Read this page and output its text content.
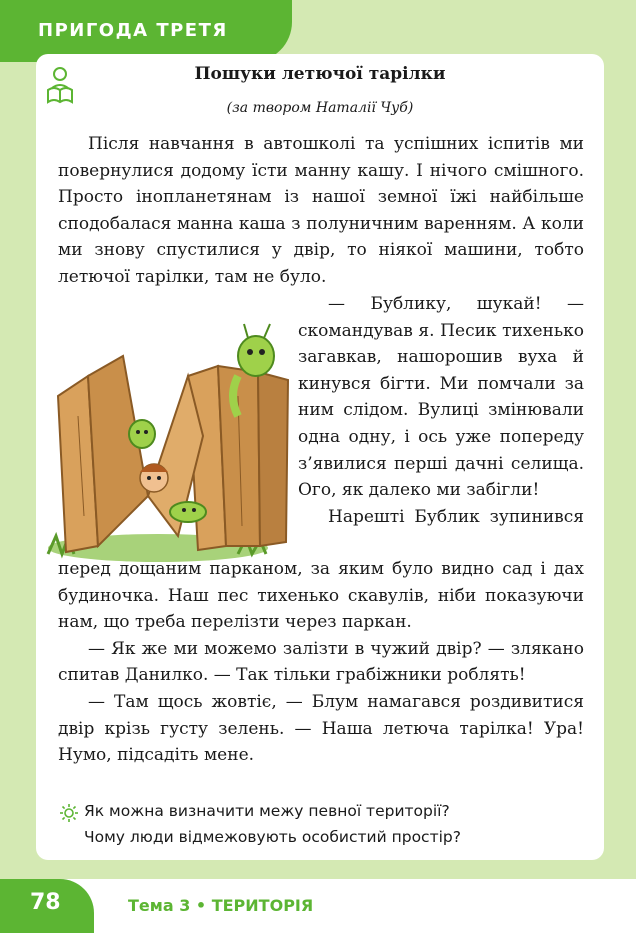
ПРИГОДА ТРЕТЯ
Пошуки летючої тарілки
(за твором Наталії Чуб)

Після навчання в автошколі та успішних іспитів ми повернулися додому їсти манну кашу. І нічого смішного. Просто інопланетянам із нашої земної їжі найбільше сподобалася манна каша з полуничним варенням. А коли ми знову спустилися у двір, то ніякої машини, тобто летючої тарілки, там не було.

— Бублику, шукай! — скомандував я. Песик тихенько загавкав, нашорошив вуха й кинувся бігти. Ми помчали за ним слідом. Вулиці змінювали одна одну, і ось уже попереду з’явилися перші дачні селища. Ого, як далеко ми забігли!

Нарешті Бублик зупинився

перед дощаним парканом, за яким було видно сад і дах будиночка. Наш пес тихенько скавулів, ніби показуючи нам, що треба перелізти через паркан.

— Як же ми можемо залізти в чужий двір? — злякано спитав Данилко. — Так тільки грабіжники роблять!

— Там щось жовтіє, — Блум намагався роздивитися двір крізь густу зелень. — Наша летюча тарілка! Ура! Нумо, підсадіть мене.

Як можна визначити межу певної території?
Чому люди відмежовують особистий простір?
78	Тема 3 • ТЕРИТОРІЯ
